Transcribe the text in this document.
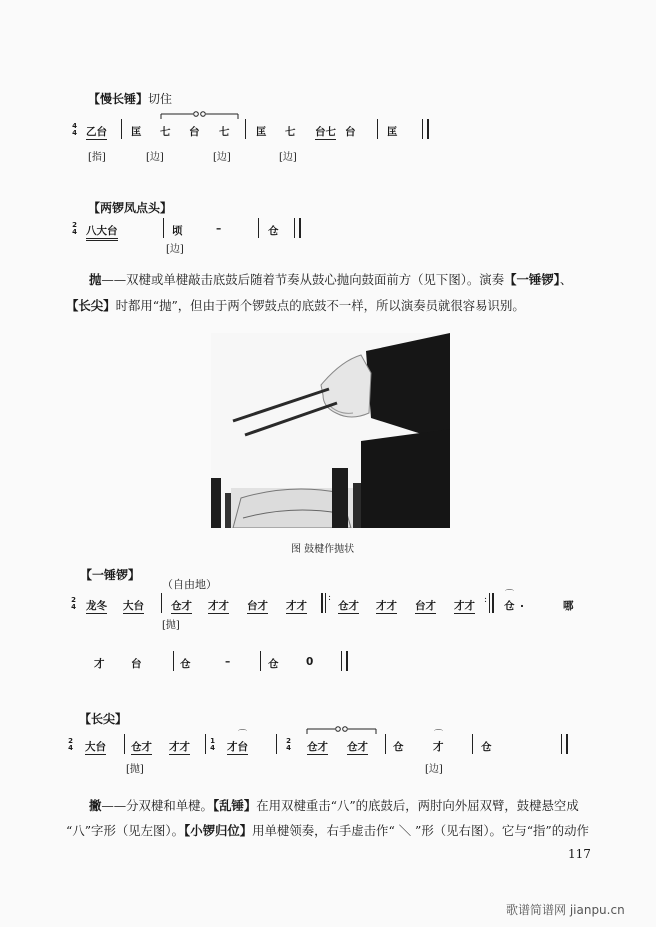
【慢长锤】切住
4
4 乙台 匡 七 台 七	匡 七 台七 台	匡
[指]	[边]	[边]	[边]
【两锣凤点头】
2
4 八大台	顷	–	仓
[边]
抛——双楗或单楗敲击底鼓后随着节奏从鼓心抛向鼓面前方（见下图）。演奏【一锤锣】、
【长尖】时都用“抛”，但由于两个锣鼓点的底鼓不一样，所以演奏员就很容易识别。
图 鼓楗作抛状
【一锤锣】
（自由地）
2
4 龙冬 大台	仓才 才才 台才 才才
:
仓才 才才 台才 才才 : ⌒
仓 .	哪
[抛]
才	台	仓	–	仓	0
【长尖】
2
4 大台 仓才 才才	1
4
⌒
才台	2
4 仓才 仓才 仓
⌒
才	仓
[抛]	[边]
撇——分双楗和单楗。【乱锤】在用双楗重击“八”的底鼓后，两肘向外屈双臂，鼓楗悬空成
“八”字形（见左图）。【小锣归位】用单楗领奏，右手虚击作“ ＼ ”形（见右图）。它与“指”的动作
117
歌谱简谱网 jianpu.cn
